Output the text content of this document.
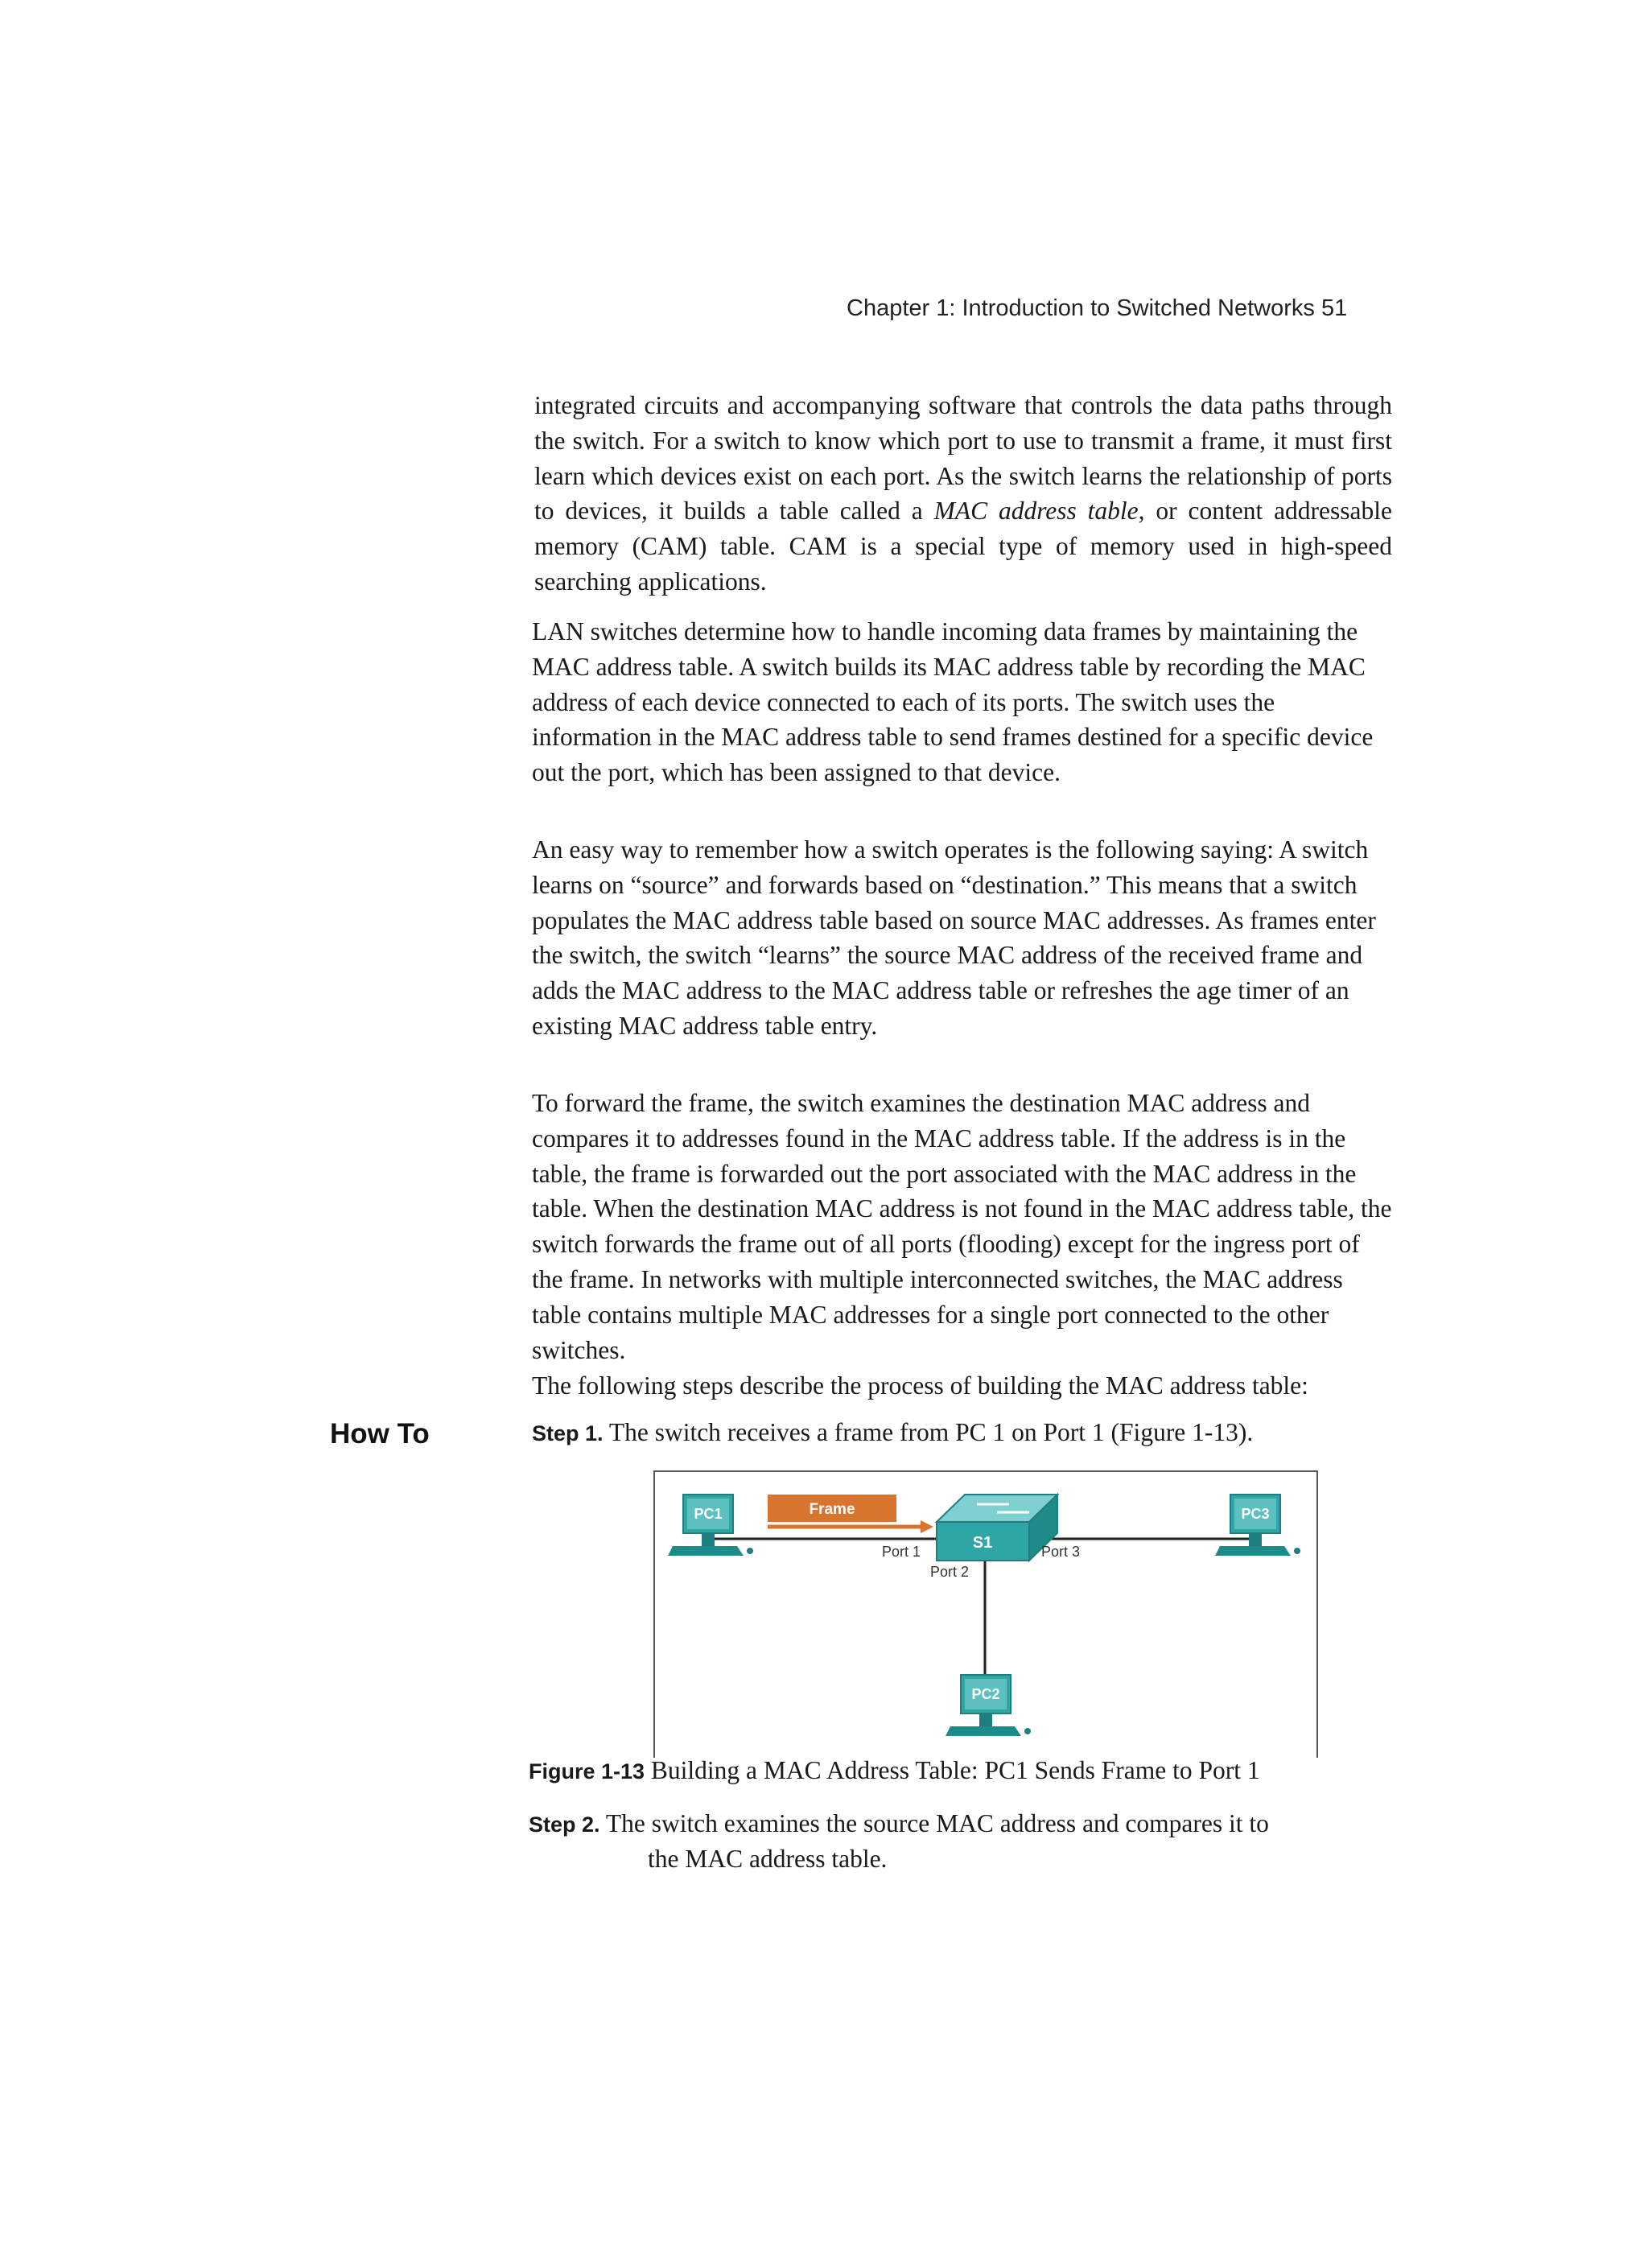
Chapter 1: Introduction to Switched Networks 51

integrated circuits and accompanying software that controls the data paths through the switch. For a switch to know which port to use to transmit a frame, it must first learn which devices exist on each port. As the switch learns the relationship of ports to devices, it builds a table called a MAC address table, or content addressable memory (CAM) table. CAM is a special type of memory used in high-speed searching applications.

LAN switches determine how to handle incoming data frames by maintaining the MAC address table. A switch builds its MAC address table by recording the MAC address of each device connected to each of its ports. The switch uses the information in the MAC address table to send frames destined for a specific device out the port, which has been assigned to that device.

An easy way to remember how a switch operates is the following saying: A switch learns on “source” and forwards based on “destination.” This means that a switch populates the MAC address table based on source MAC addresses. As frames enter the switch, the switch “learns” the source MAC address of the received frame and adds the MAC address to the MAC address table or refreshes the age timer of an existing MAC address table entry.

To forward the frame, the switch examines the destination MAC address and compares it to addresses found in the MAC address table. If the address is in the table, the frame is forwarded out the port associated with the MAC address in the table. When the destination MAC address is not found in the MAC address table, the switch forwards the frame out of all ports (flooding) except for the ingress port of the frame. In networks with multiple interconnected switches, the MAC address table contains multiple MAC addresses for a single port connected to the other switches.

The following steps describe the process of building the MAC address table:

How To	Step 1. The switch receives a frame from PC 1 on Port 1 (Figure 1-13).

Frame
S1
Port 1
Port 2
Port 3
PC1	PC3
PC2
Figure 1-13 Building a MAC Address Table: PC1 Sends Frame to Port 1
Step 2. The switch examines the source MAC address and compares it to
the MAC address table.
